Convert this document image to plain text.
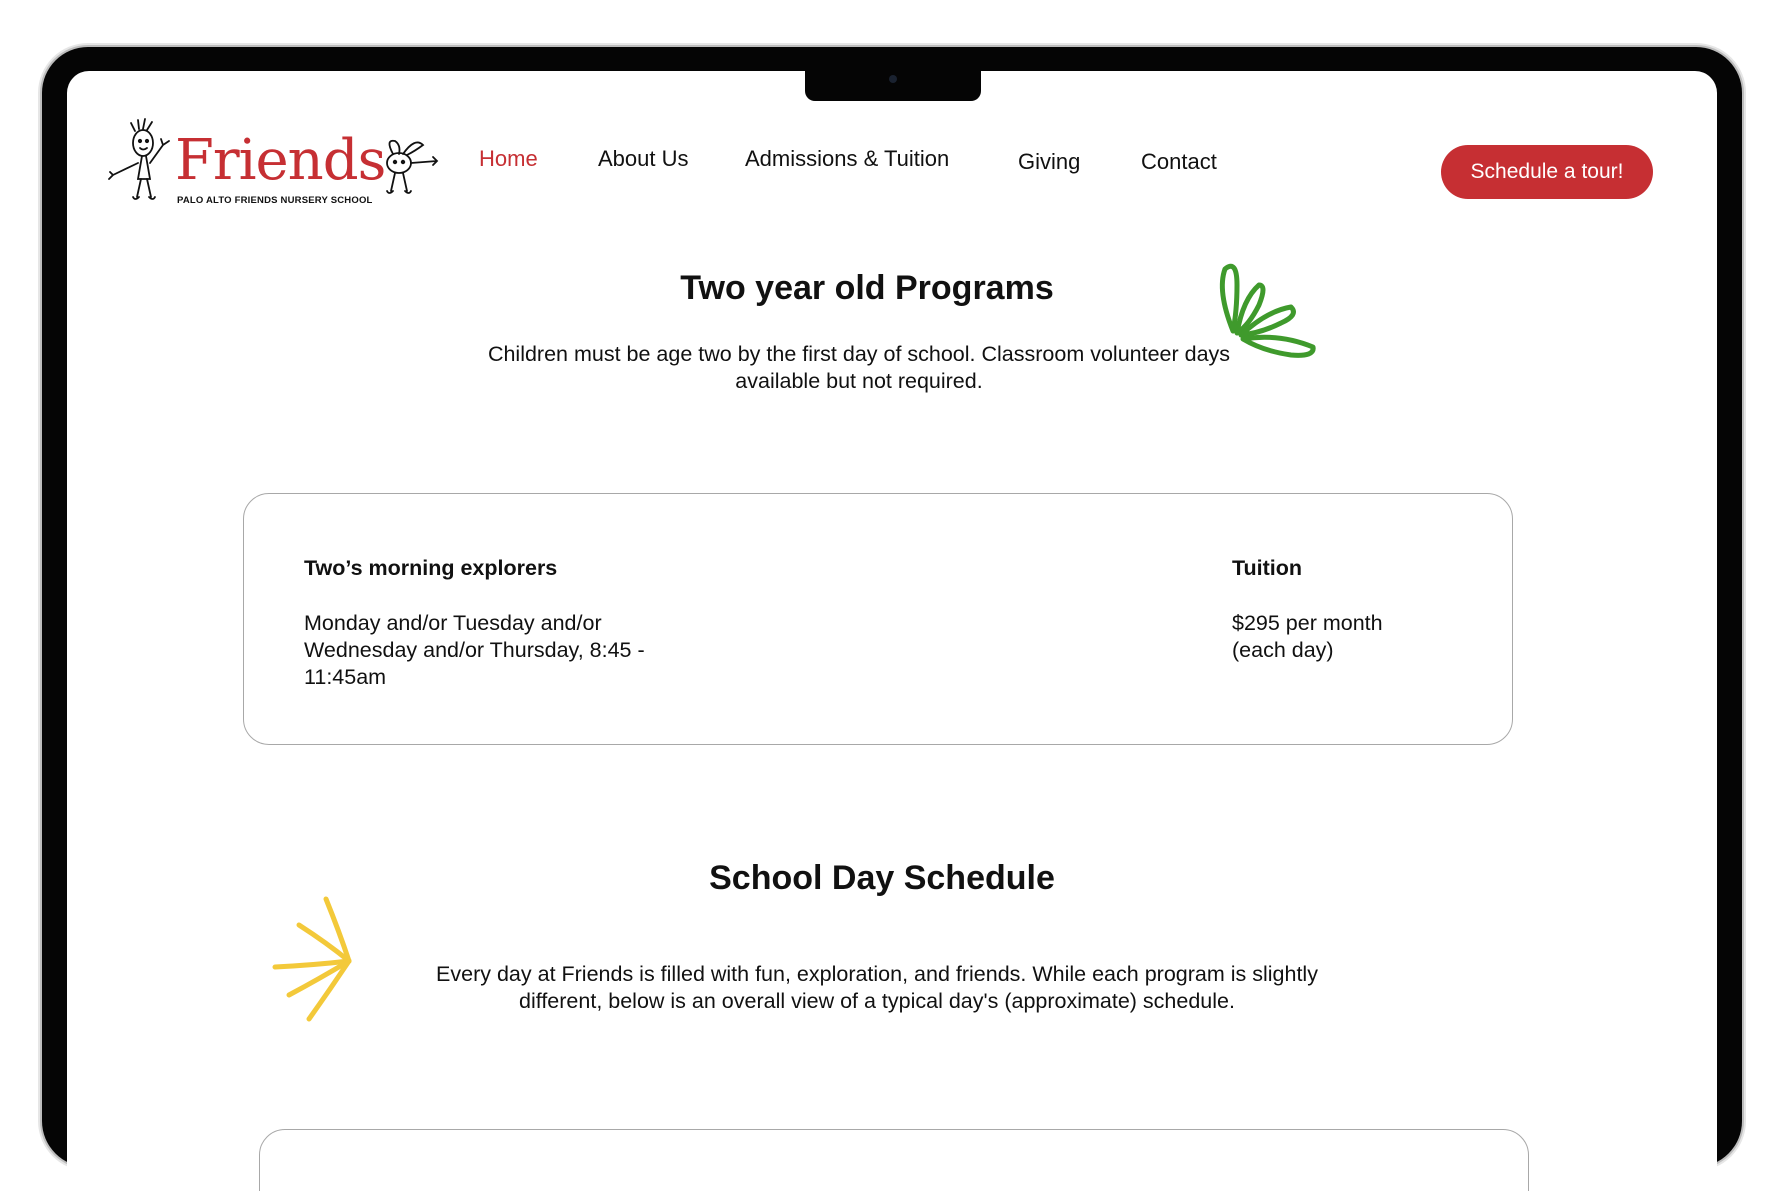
Friends
PALO ALTO FRIENDS NURSERY SCHOOL
Home	About Us	Admissions & Tuition	Giving	Contact	Schedule a tour!
Two year old Programs
Children must be age two by the first day of school. Classroom volunteer days available but not required.
Two’s morning explorers
Monday and/or Tuesday and/or Wednesday and/or Thursday, 8:45 - 11:45am
Tuition
$295 per month (each day)
School Day Schedule
Every day at Friends is filled with fun, exploration, and friends. While each program is slightly different, below is an overall view of a typical day's (approximate) schedule.
